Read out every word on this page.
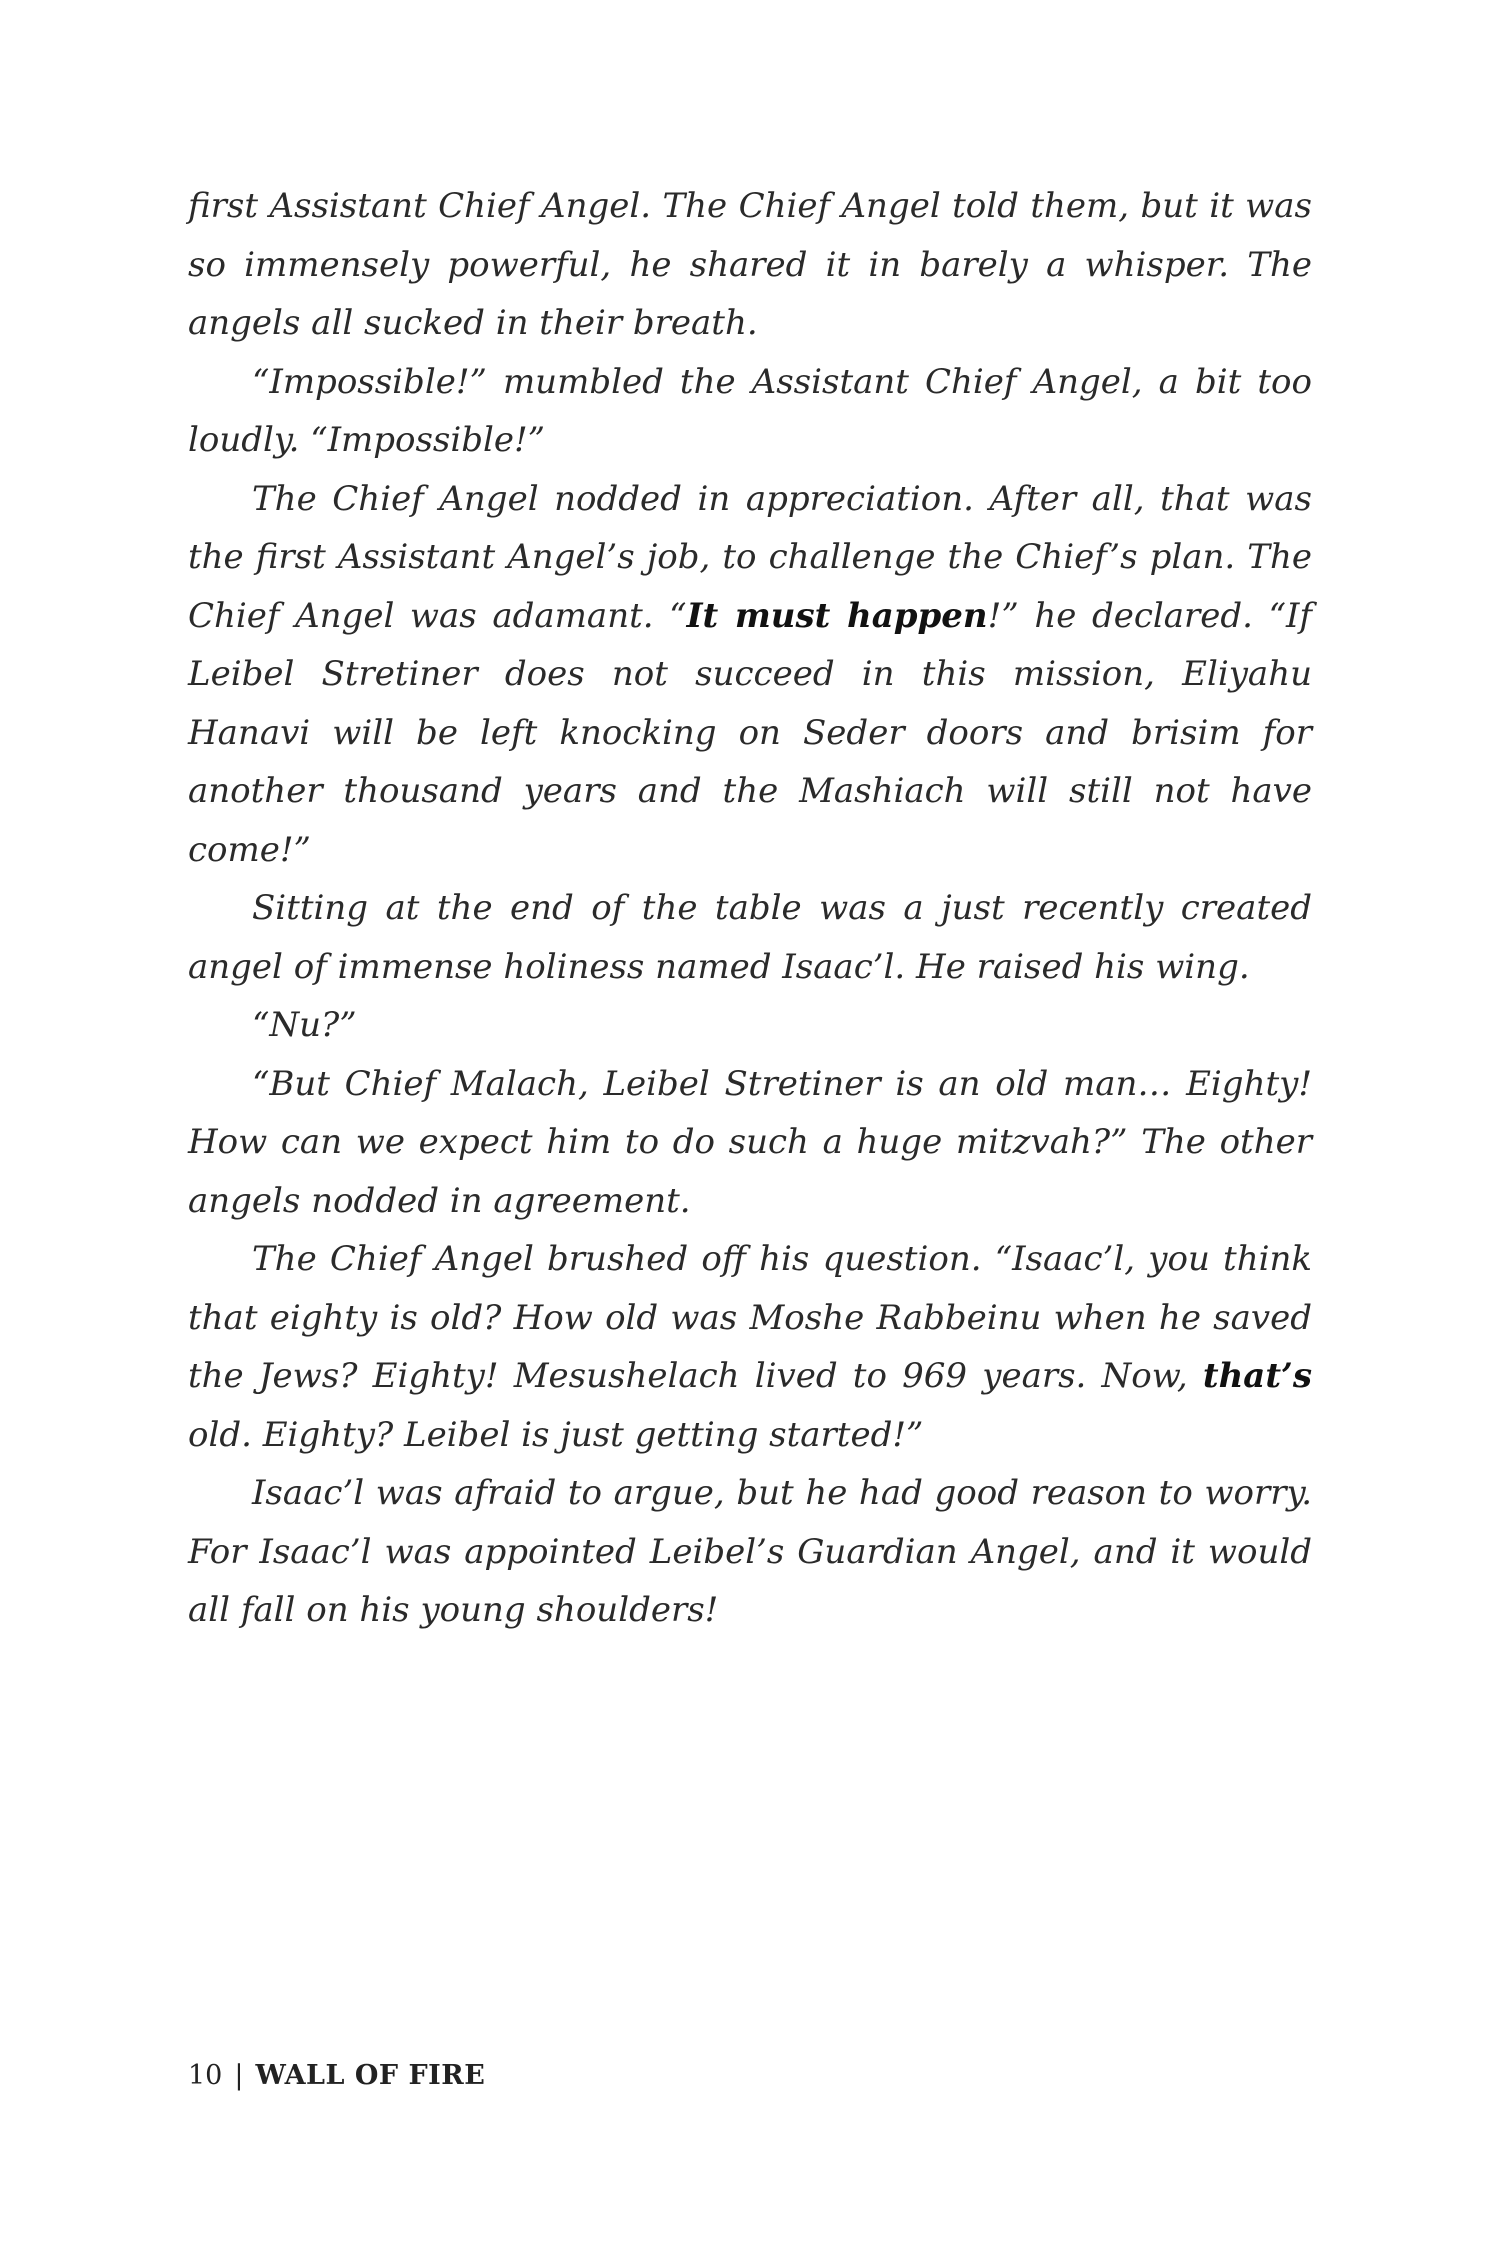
first Assistant Chief Angel. The Chief Angel told them, but it was so immensely powerful, he shared it in barely a whisper. The angels all sucked in their breath.

“Impossible!” mumbled the Assistant Chief Angel, a bit too loudly. “Impossible!”

The Chief Angel nodded in appreciation. After all, that was the first Assistant Angel’s job, to challenge the Chief’s plan. The Chief Angel was adamant. “It must happen!” he declared. “If Leibel Stretiner does not succeed in this mission, Eliyahu Hanavi will be left knocking on Seder doors and brisim for another thousand years and the Mashiach will still not have come!”

Sitting at the end of the table was a just recently created angel of immense holiness named Isaac’l. He raised his wing.

“Nu?”

“But Chief Malach, Leibel Stretiner is an old man… Eighty! How can we expect him to do such a huge mitzvah?” The other angels nodded in agreement.

The Chief Angel brushed off his question. “Isaac’l, you think that eighty is old? How old was Moshe Rabbeinu when he saved the Jews? Eighty! Mesushelach lived to 969 years. Now, that’s old. Eighty? Leibel is just getting started!”

Isaac’l was afraid to argue, but he had good reason to worry. For Isaac’l was appointed Leibel’s Guardian Angel, and it would all fall on his young shoulders!

10 | WALL OF FIRE
